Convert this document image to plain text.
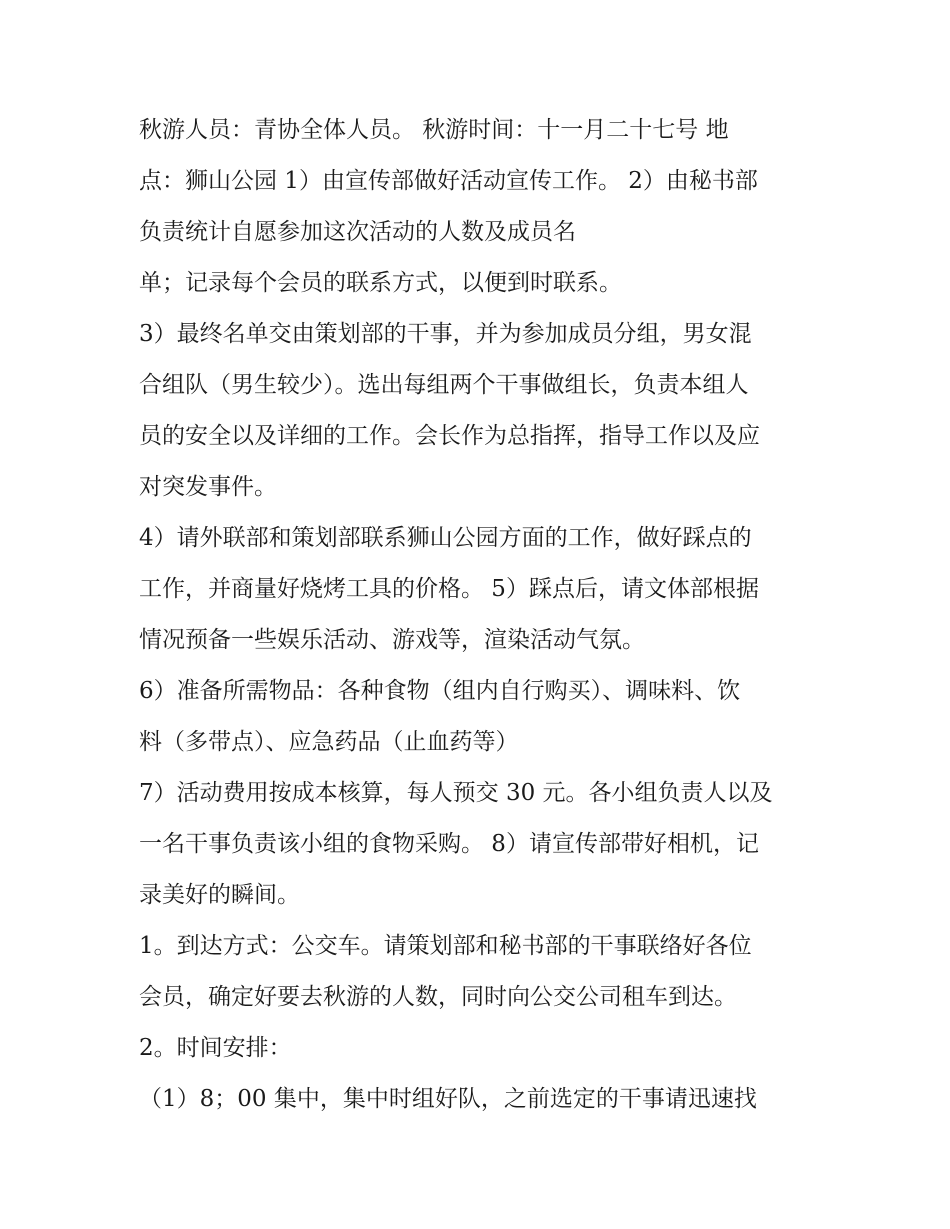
秋游人员：青协全体人员。 秋游时间：十一月二十七号 地
点：狮山公园 1）由宣传部做好活动宣传工作。 2）由秘书部
负责统计自愿参加这次活动的人数及成员名
单；记录每个会员的联系方式，以便到时联系。
3）最终名单交由策划部的干事，并为参加成员分组，男女混
合组队（男生较少）。选出每组两个干事做组长，负责本组人
员的安全以及详细的工作。会长作为总指挥，指导工作以及应
对突发事件。
4）请外联部和策划部联系狮山公园方面的工作，做好踩点的
工作，并商量好烧烤工具的价格。 5）踩点后，请文体部根据
情况预备一些娱乐活动、游戏等，渲染活动气氛。
6）准备所需物品：各种食物（组内自行购买）、调味料、饮
料（多带点）、应急药品（止血药等）
7）活动费用按成本核算，每人预交 30 元。各小组负责人以及
一名干事负责该小组的食物采购。 8）请宣传部带好相机，记
录美好的瞬间。
1。到达方式：公交车。请策划部和秘书部的干事联络好各位
会员，确定好要去秋游的人数，同时向公交公司租车到达。
2。时间安排：
（1）8；00 集中，集中时组好队，之前选定的干事请迅速找
